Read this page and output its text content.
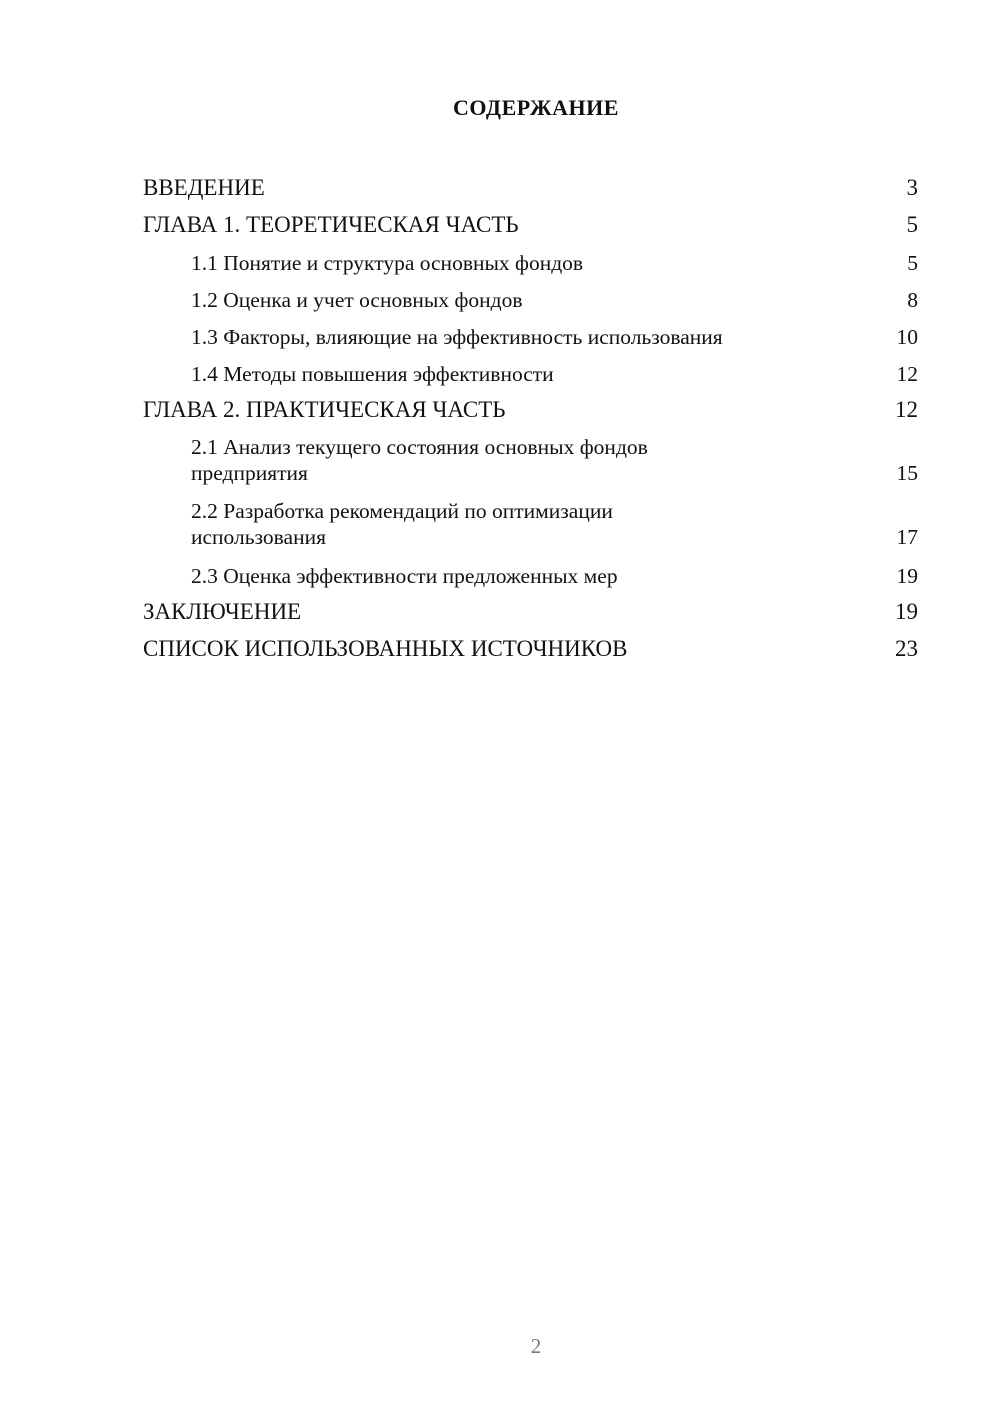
СОДЕРЖАНИЕ
ВВЕДЕНИЕ	3
ГЛАВА 1. ТЕОРЕТИЧЕСКАЯ ЧАСТЬ	5
1.1 Понятие и структура основных фондов	5
1.2 Оценка и учет основных фондов	8
1.3 Факторы, влияющие на эффективность использования	10
1.4 Методы повышения эффективности	12
ГЛАВА 2. ПРАКТИЧЕСКАЯ ЧАСТЬ	12
2.1 Анализ текущего состояния основных фондов
предприятия	15
2.2 Разработка рекомендаций по оптимизации
использования	17
2.3 Оценка эффективности предложенных мер	19
ЗАКЛЮЧЕНИЕ	19
СПИСОК ИСПОЛЬЗОВАННЫХ ИСТОЧНИКОВ	23
2
